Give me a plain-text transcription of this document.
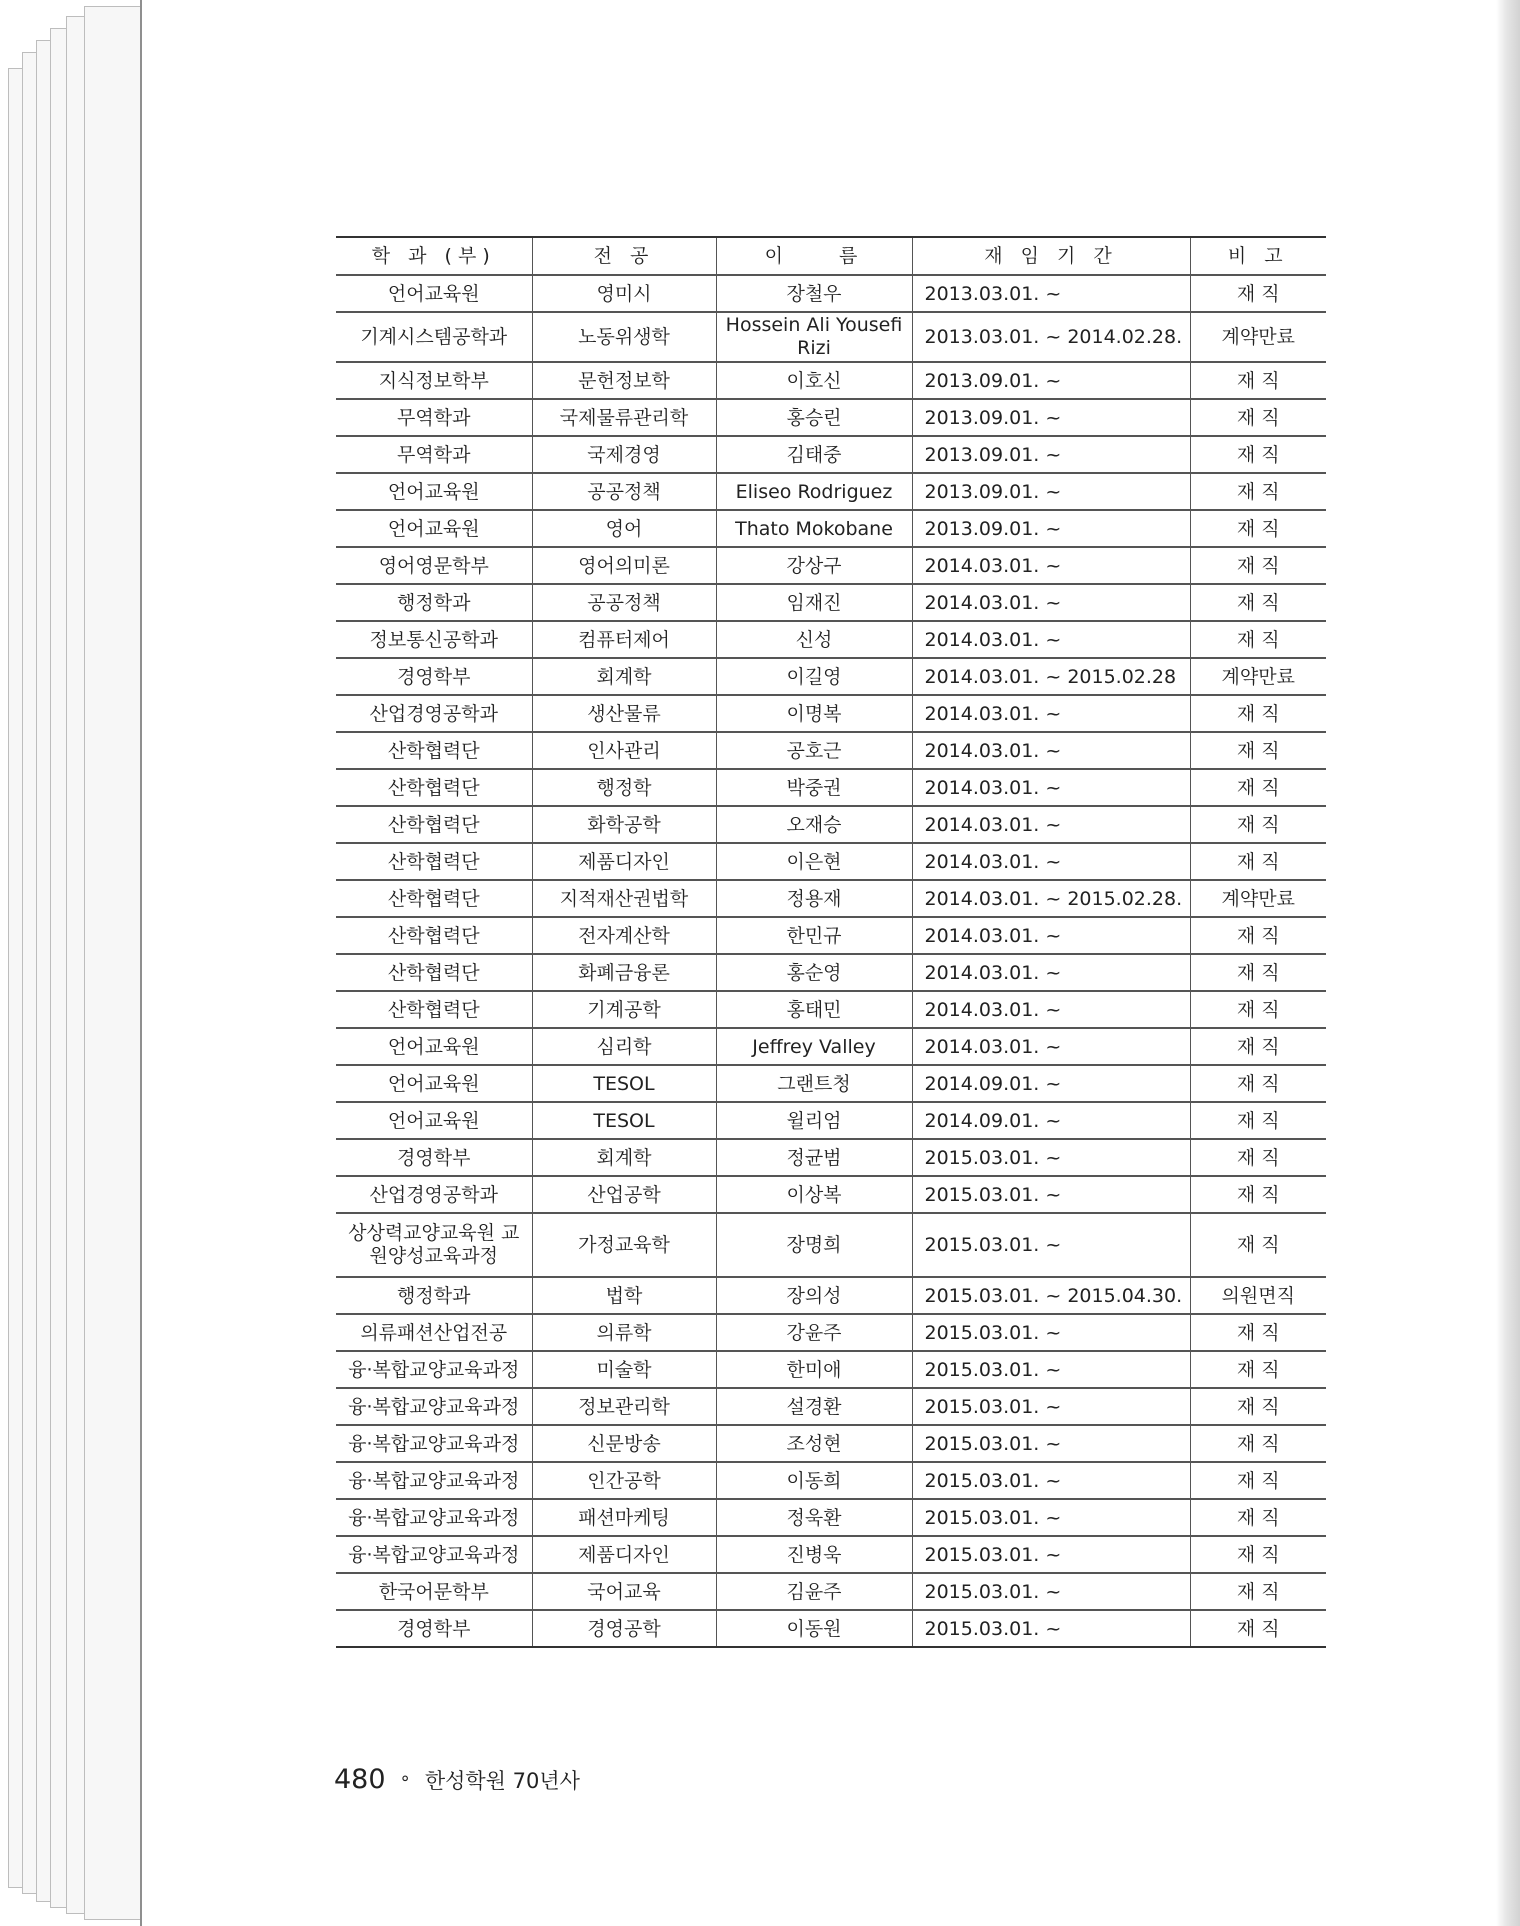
학 과 (부)	전 공	이　　름	재 임 기 간	비 고
언어교육원	영미시	장철우	2013.03.01. ~	재 직
기계시스템공학과	노동위생학	Hossein Ali Yousefi Rizi	2013.03.01. ~ 2014.02.28.	계약만료
지식정보학부	문헌정보학	이호신	2013.09.01. ~	재 직
무역학과	국제물류관리학	홍승린	2013.09.01. ~	재 직
무역학과	국제경영	김태중	2013.09.01. ~	재 직
언어교육원	공공정책	Eliseo Rodriguez	2013.09.01. ~	재 직
언어교육원	영어	Thato Mokobane	2013.09.01. ~	재 직
영어영문학부	영어의미론	강상구	2014.03.01. ~	재 직
행정학과	공공정책	임재진	2014.03.01. ~	재 직
정보통신공학과	컴퓨터제어	신성	2014.03.01. ~	재 직
경영학부	회계학	이길영	2014.03.01. ~ 2015.02.28	계약만료
산업경영공학과	생산물류	이명복	2014.03.01. ~	재 직
산학협력단	인사관리	공호근	2014.03.01. ~	재 직
산학협력단	행정학	박중권	2014.03.01. ~	재 직
산학협력단	화학공학	오재승	2014.03.01. ~	재 직
산학협력단	제품디자인	이은현	2014.03.01. ~	재 직
산학협력단	지적재산권법학	정용재	2014.03.01. ~ 2015.02.28.	계약만료
산학협력단	전자계산학	한민규	2014.03.01. ~	재 직
산학협력단	화폐금융론	홍순영	2014.03.01. ~	재 직
산학협력단	기계공학	홍태민	2014.03.01. ~	재 직
언어교육원	심리학	Jeffrey Valley	2014.03.01. ~	재 직
언어교육원	TESOL	그랜트청	2014.09.01. ~	재 직
언어교육원	TESOL	윌리엄	2014.09.01. ~	재 직
경영학부	회계학	정균범	2015.03.01. ~	재 직
산업경영공학과	산업공학	이상복	2015.03.01. ~	재 직
상상력교양교육원 교원양성교육과정	가정교육학	장명희	2015.03.01. ~	재 직
행정학과	법학	장의성	2015.03.01. ~ 2015.04.30.	의원면직
의류패션산업전공	의류학	강윤주	2015.03.01. ~	재 직
융·복합교양교육과정	미술학	한미애	2015.03.01. ~	재 직
융·복합교양교육과정	정보관리학	설경환	2015.03.01. ~	재 직
융·복합교양교육과정	신문방송	조성현	2015.03.01. ~	재 직
융·복합교양교육과정	인간공학	이동희	2015.03.01. ~	재 직
융·복합교양교육과정	패션마케팅	정욱환	2015.03.01. ~	재 직
융·복합교양교육과정	제품디자인	진병욱	2015.03.01. ~	재 직
한국어문학부	국어교육	김윤주	2015.03.01. ~	재 직
경영학부	경영공학	이동원	2015.03.01. ~	재 직
480 ∘ 한성학원 70년사
